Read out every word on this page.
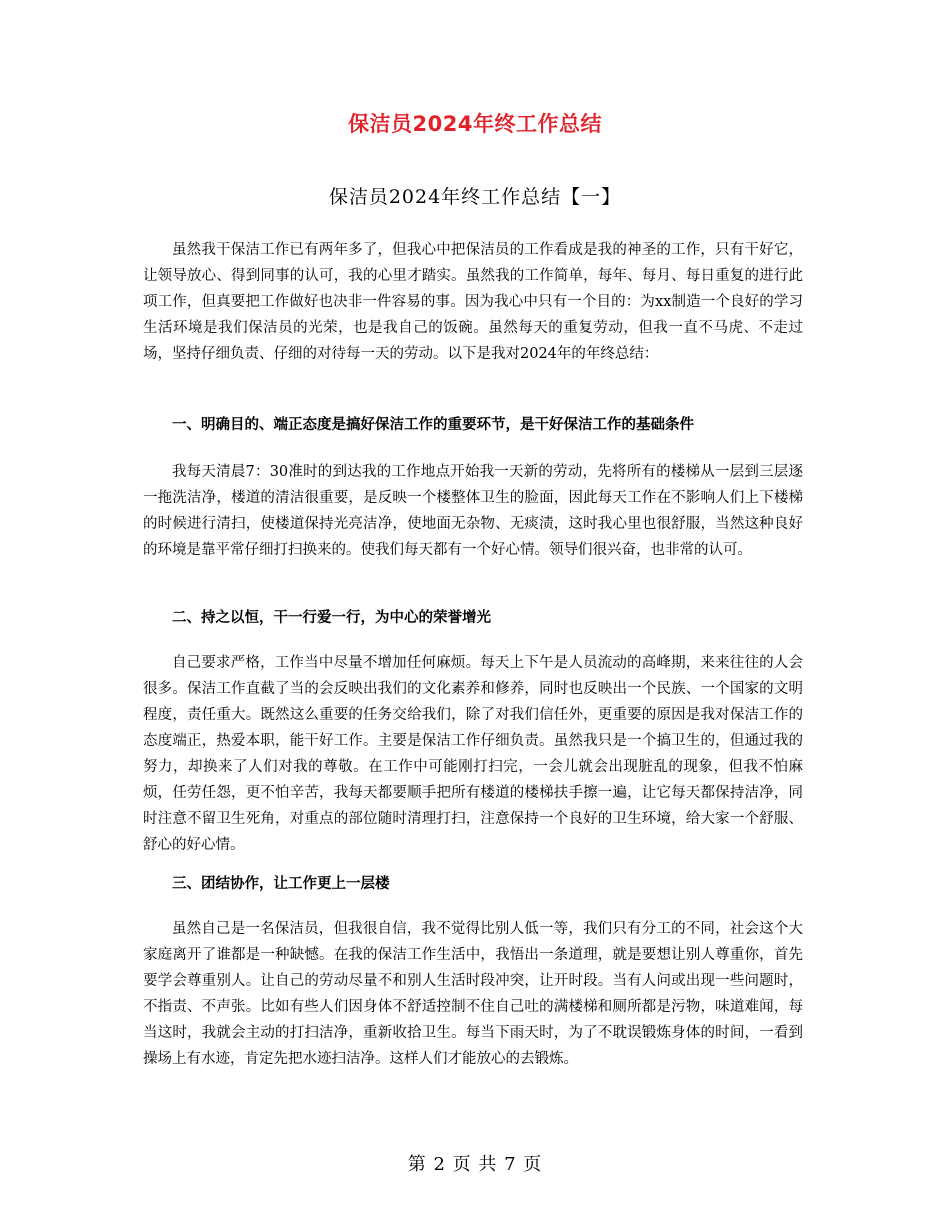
保洁员2024年终工作总结
保洁员2024年终工作总结【一】

虽然我干保洁工作已有两年多了，但我心中把保洁员的工作看成是我的神圣的工作，只有干好它，让领导放心、得到同事的认可，我的心里才踏实。虽然我的工作简单，每年、每月、每日重复的进行此项工作，但真要把工作做好也决非一件容易的事。因为我心中只有一个目的：为xx制造一个良好的学习生活环境是我们保洁员的光荣，也是我自己的饭碗。虽然每天的重复劳动，但我一直不马虎、不走过场，坚持仔细负责、仔细的对待每一天的劳动。以下是我对2024年的年终总结：

一、明确目的、端正态度是搞好保洁工作的重要环节，是干好保洁工作的基础条件

我每天清晨7：30准时的到达我的工作地点开始我一天新的劳动，先将所有的楼梯从一层到三层逐一拖洗洁净，楼道的清洁很重要，是反映一个楼整体卫生的脸面，因此每天工作在不影响人们上下楼梯的时候进行清扫，使楼道保持光亮洁净，使地面无杂物、无痰渍，这时我心里也很舒服，当然这种良好的环境是靠平常仔细打扫换来的。使我们每天都有一个好心情。领导们很兴奋，也非常的认可。

二、持之以恒，干一行爱一行，为中心的荣誉增光

自己要求严格，工作当中尽量不增加任何麻烦。每天上下午是人员流动的高峰期，来来往往的人会很多。保洁工作直截了当的会反映出我们的文化素养和修养，同时也反映出一个民族、一个国家的文明程度，责任重大。既然这么重要的任务交给我们，除了对我们信任外，更重要的原因是我对保洁工作的态度端正，热爱本职，能干好工作。主要是保洁工作仔细负责。虽然我只是一个搞卫生的，但通过我的努力，却换来了人们对我的尊敬。在工作中可能刚打扫完，一会儿就会出现脏乱的现象，但我不怕麻烦，任劳任怨，更不怕辛苦，我每天都要顺手把所有楼道的楼梯扶手擦一遍，让它每天都保持洁净，同时注意不留卫生死角，对重点的部位随时清理打扫，注意保持一个良好的卫生环境，给大家一个舒服、舒心的好心情。

三、团结协作，让工作更上一层楼

虽然自己是一名保洁员，但我很自信，我不觉得比别人低一等，我们只有分工的不同，社会这个大家庭离开了谁都是一种缺憾。在我的保洁工作生活中，我悟出一条道理，就是要想让别人尊重你，首先要学会尊重别人。让自己的劳动尽量不和别人生活时段冲突，让开时段。当有人问或出现一些问题时，不指责、不声张。比如有些人们因身体不舒适控制不住自己吐的满楼梯和厕所都是污物，味道难闻，每当这时，我就会主动的打扫洁净，重新收拾卫生。每当下雨天时，为了不耽误锻炼身体的时间，一看到操场上有水迹，肯定先把水迹扫洁净。这样人们才能放心的去锻炼。

第 2 页 共 7 页
